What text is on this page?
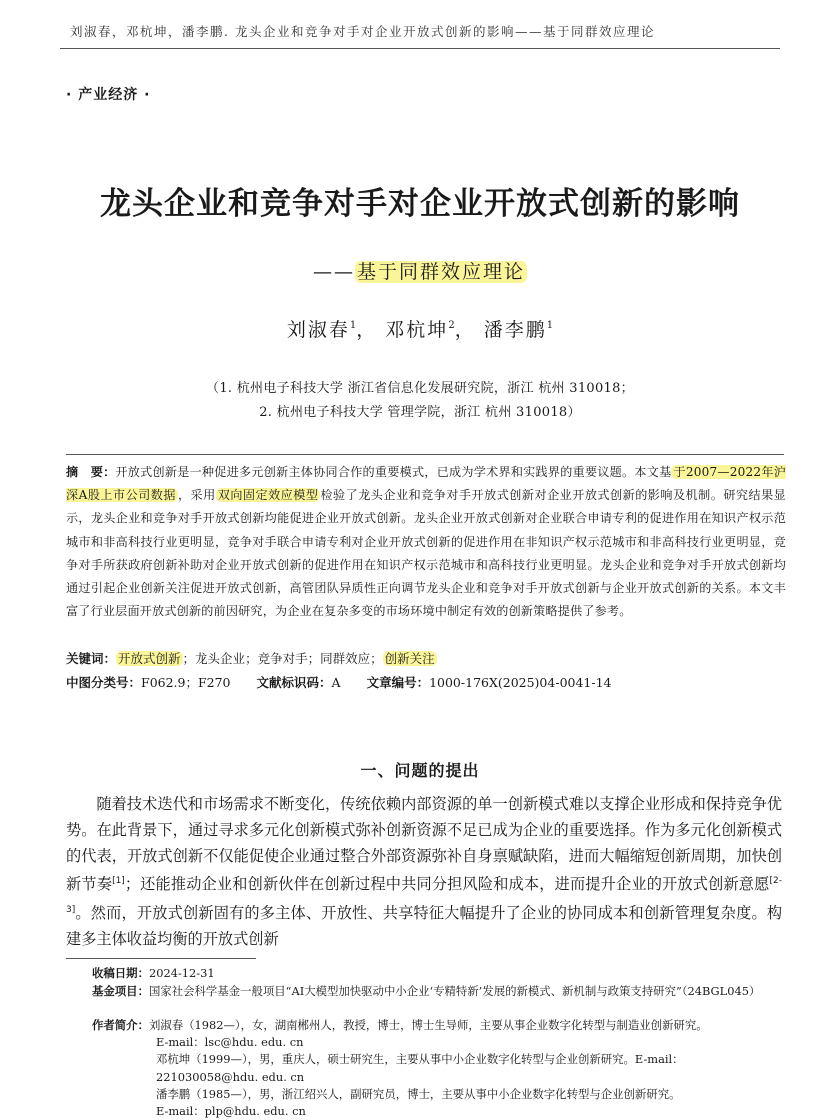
刘淑春，邓杭坤，潘李鹏. 龙头企业和竞争对手对企业开放式创新的影响——基于同群效应理论
· 产业经济 ·
龙头企业和竞争对手对企业开放式创新的影响
—— 基于同群效应理论
刘淑春$^1$， 邓杭坤$^2$， 潘李鹏$^1$
（1. 杭州电子科技大学 浙江省信息化发展研究院，浙江 杭州 310018；
2. 杭州电子科技大学 管理学院，浙江 杭州 310018）
摘　要：开放式创新是一种促进多元创新主体协同合作的重要模式，已成为学术界和实践界的重要议题。本文基 于2007—2022年沪深A股上市公司数据 ，采用 双向固定效应模型 检验了龙头企业和竞争对手开放式创新对企业开放式创新的影响及机制。研究结果显示，龙头企业和竞争对手开放式创新均能促进企业开放式创新。龙头企业开放式创新对企业联合申请专利的促进作用在知识产权示范城市和非高科技行业更明显，竞争对手联合申请专利对企业开放式创新的促进作用在非知识产权示范城市和非高科技行业更明显，竞争对手所获政府创新补助对企业开放式创新的促进作用在知识产权示范城市和高科技行业更明显。龙头企业和竞争对手开放式创新均通过引起企业创新关注促进开放式创新，高管团队异质性正向调节龙头企业和竞争对手开放式创新与企业开放式创新的关系。本文丰富了行业层面开放式创新的前因研究，为企业在复杂多变的市场环境中制定有效的创新策略提供了参考。
关键词： 开放式创新 ；龙头企业；竞争对手；同群效应； 创新关注
中图分类号：F062.9；F270 文献标识码：A 文章编号：1000-176X(2025)04-0041-14
一、问题的提出

随着技术迭代和市场需求不断变化，传统依赖内部资源的单一创新模式难以支撑企业形成和保持竞争优势。在此背景下，通过寻求多元化创新模式弥补创新资源不足已成为企业的重要选择。作为多元化创新模式的代表，开放式创新不仅能促使企业通过整合外部资源弥补自身禀赋缺陷，进而大幅缩短创新周期，加快创新节奏[1]；还能推动企业和创新伙伴在创新过程中共同分担风险和成本，进而提升企业的开放式创新意愿[2-3]。然而，开放式创新固有的多主体、开放性、共享特征大幅提升了企业的协同成本和创新管理复杂度。构建多主体收益均衡的开放式创新

收稿日期：2024-12-31
基金项目：国家社会科学基金一般项目“AI大模型加快驱动中小企业‘专精特新’发展的新模式、新机制与政策支持研究”（24BGL045）
作者简介：刘淑春（1982—），女，湖南郴州人，教授，博士，博士生导师，主要从事企业数字化转型与制造业创新研究。
E-mail：lsc@hdu. edu. cn
邓杭坤（1999—），男，重庆人，硕士研究生，主要从事中小企业数字化转型与企业创新研究。E-mail：221030058@hdu. edu. cn
潘李鹏（1985—），男，浙江绍兴人，副研究员，博士，主要从事中小企业数字化转型与企业创新研究。
E-mail：plp@hdu. edu. cn
